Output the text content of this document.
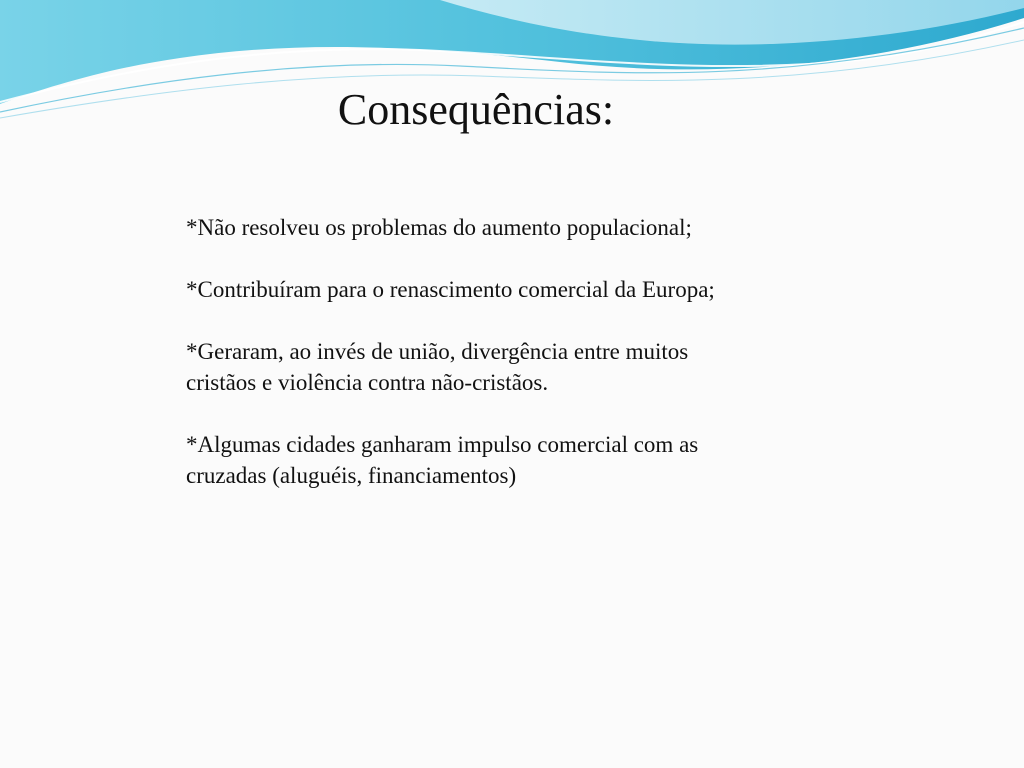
Consequências:

*Não resolveu os problemas do aumento populacional;

*Contribuíram para o renascimento comercial da Europa;

*Geraram, ao invés de união, divergência entre muitos cristãos e violência contra não-cristãos.

*Algumas cidades ganharam impulso comercial com as cruzadas (aluguéis, financiamentos)
